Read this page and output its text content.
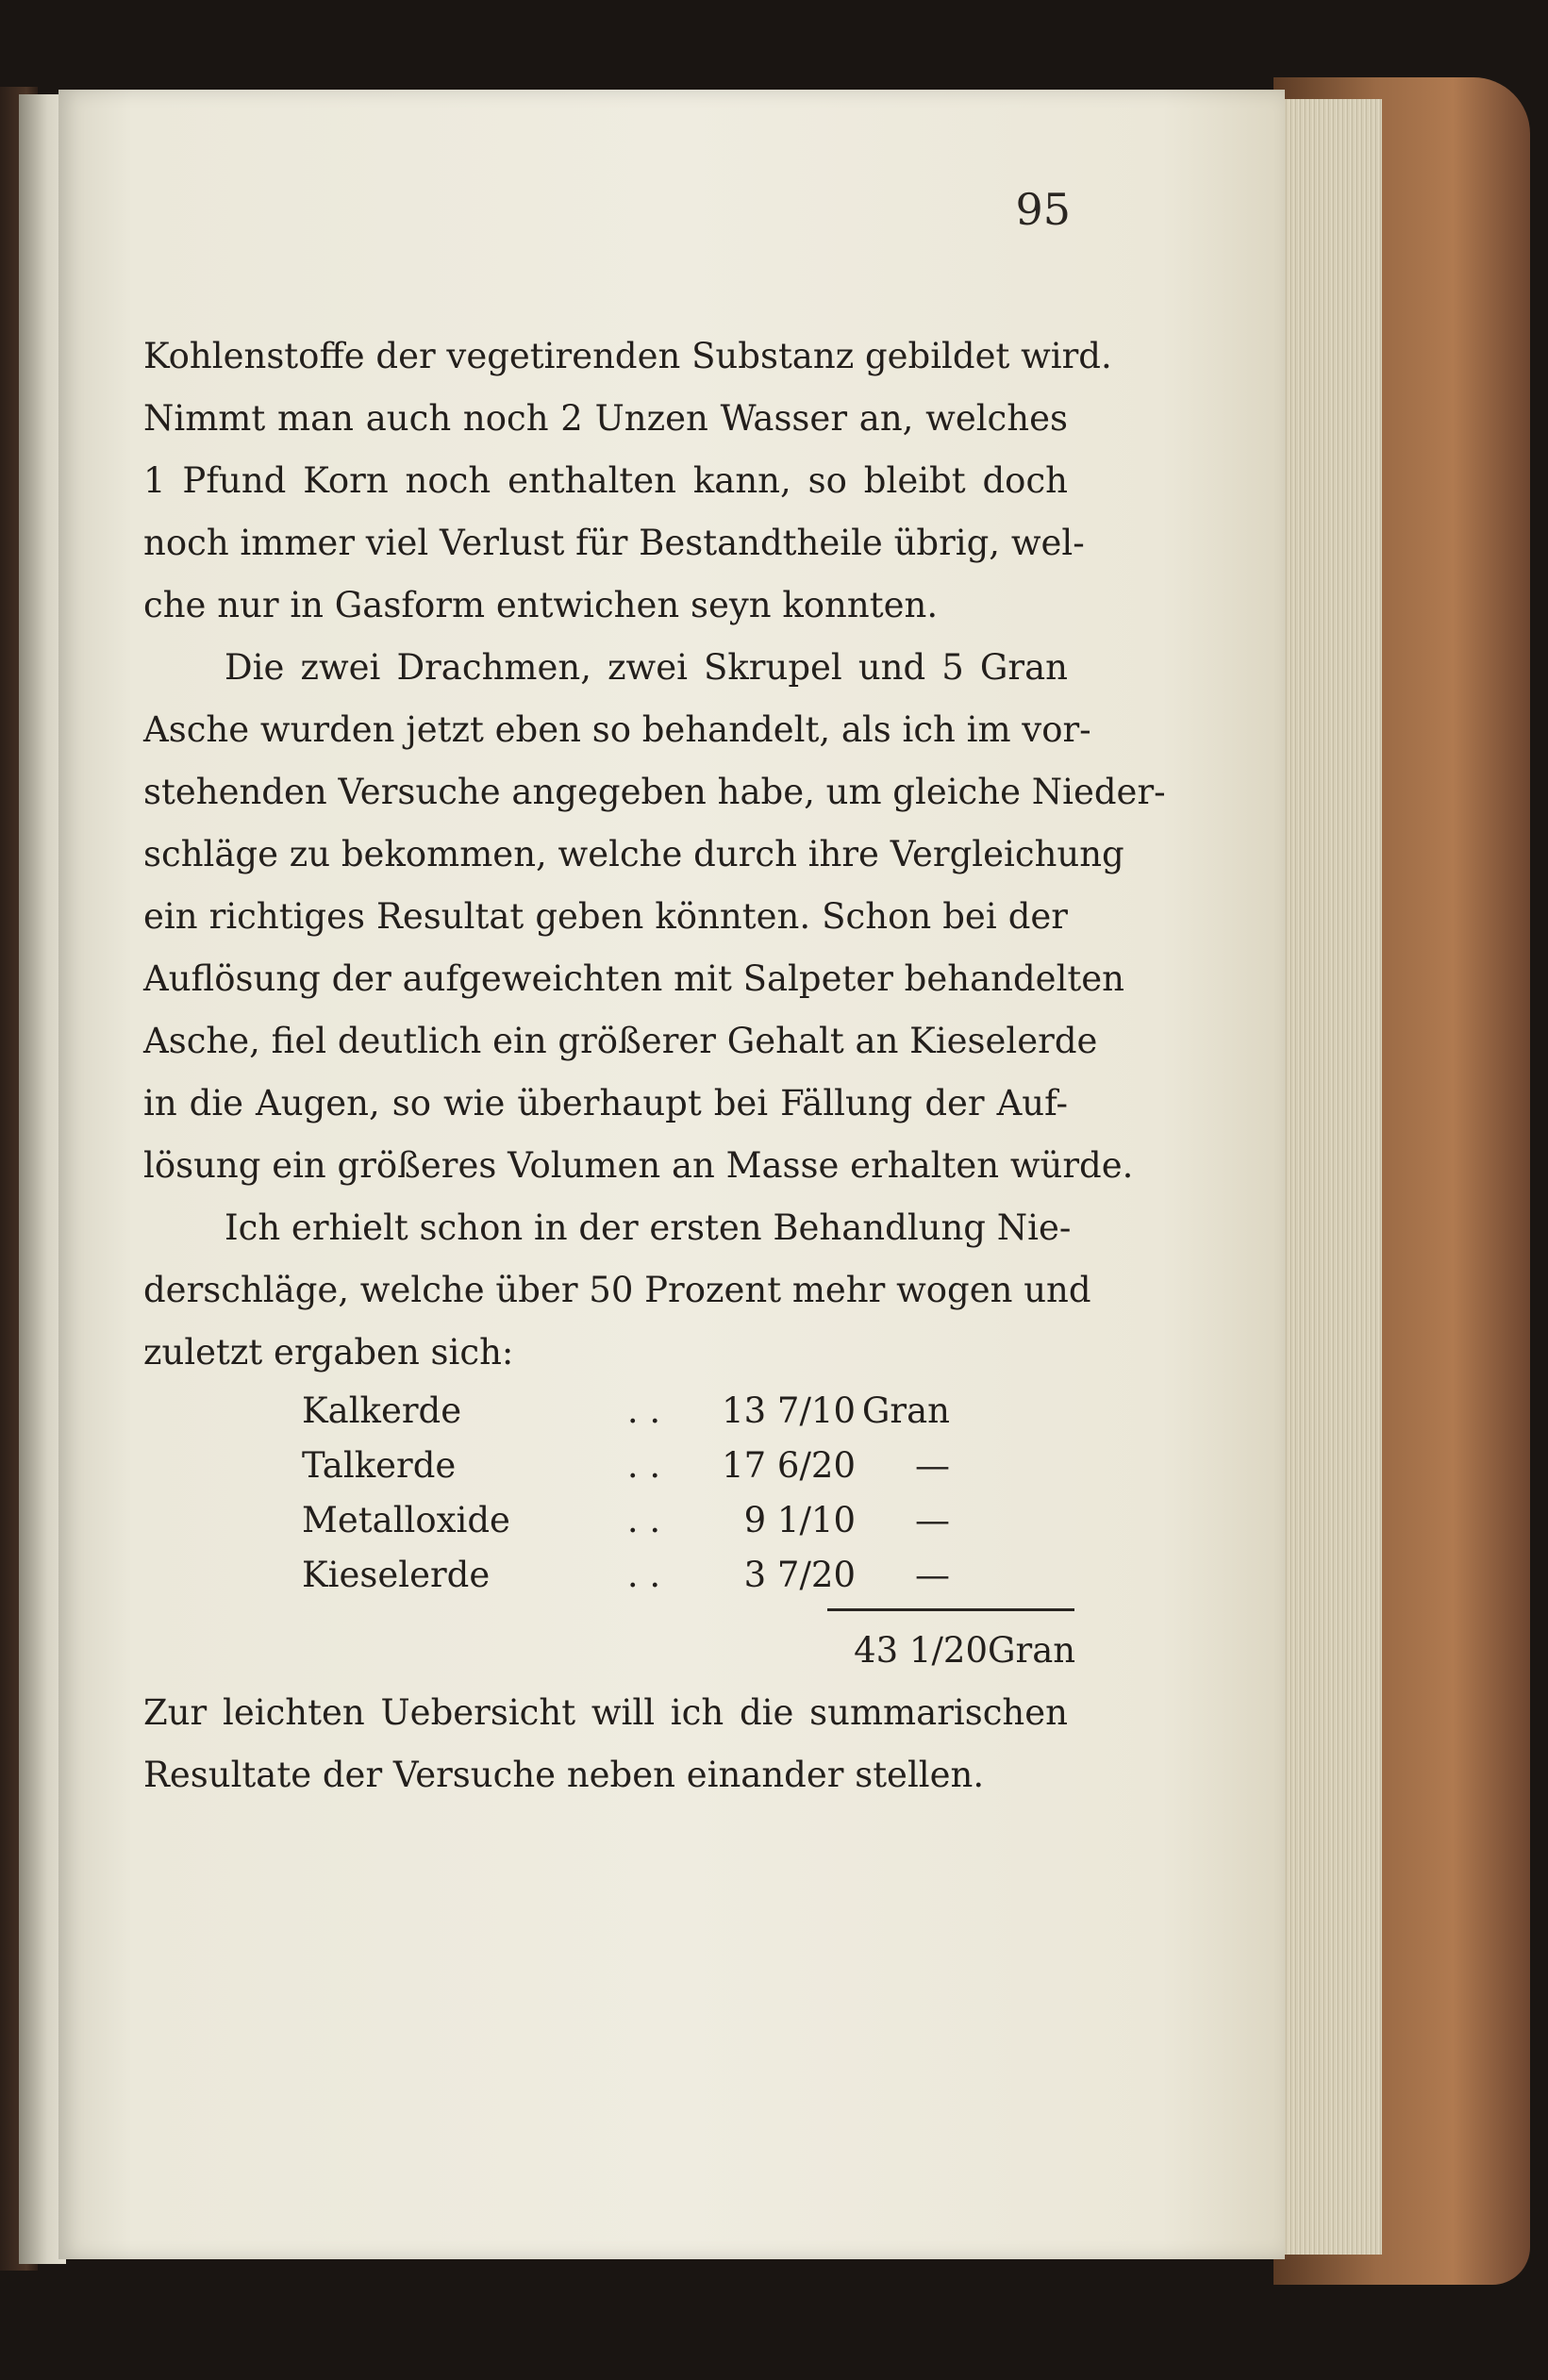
95
Kohlenstoffe der vegetirenden Substanz gebildet wird.
Nimmt man auch noch 2 Unzen Wasser an, welches
1 Pfund Korn noch enthalten kann, so bleibt doch
noch immer viel Verlust für Bestandtheile übrig, wel-
che nur in Gasform entwichen seyn konnten.
Die zwei Drachmen, zwei Skrupel und 5 Gran
Asche wurden jetzt eben so behandelt, als ich im vor-
stehenden Versuche angegeben habe, um gleiche Nieder-
schläge zu bekommen, welche durch ihre Vergleichung
ein richtiges Resultat geben könnten. Schon bei der
Auflösung der aufgeweichten mit Salpeter behandelten
Asche, fiel deutlich ein größerer Gehalt an Kieselerde
in die Augen, so wie überhaupt bei Fällung der Auf-
lösung ein größeres Volumen an Masse erhalten würde.
Ich erhielt schon in der ersten Behandlung Nie-
derschläge, welche über 50 Prozent mehr wogen und
zuletzt ergaben sich:
Kalkerde	. .	13 7/10 Gran
Talkerde	. .	17 6/20	—
Metalloxide	. .	9 1/10	—
Kieselerde	. .	3 7/20	—
43 1/20 Gran
Zur leichten Uebersicht will ich die summarischen
Resultate der Versuche neben einander stellen.
